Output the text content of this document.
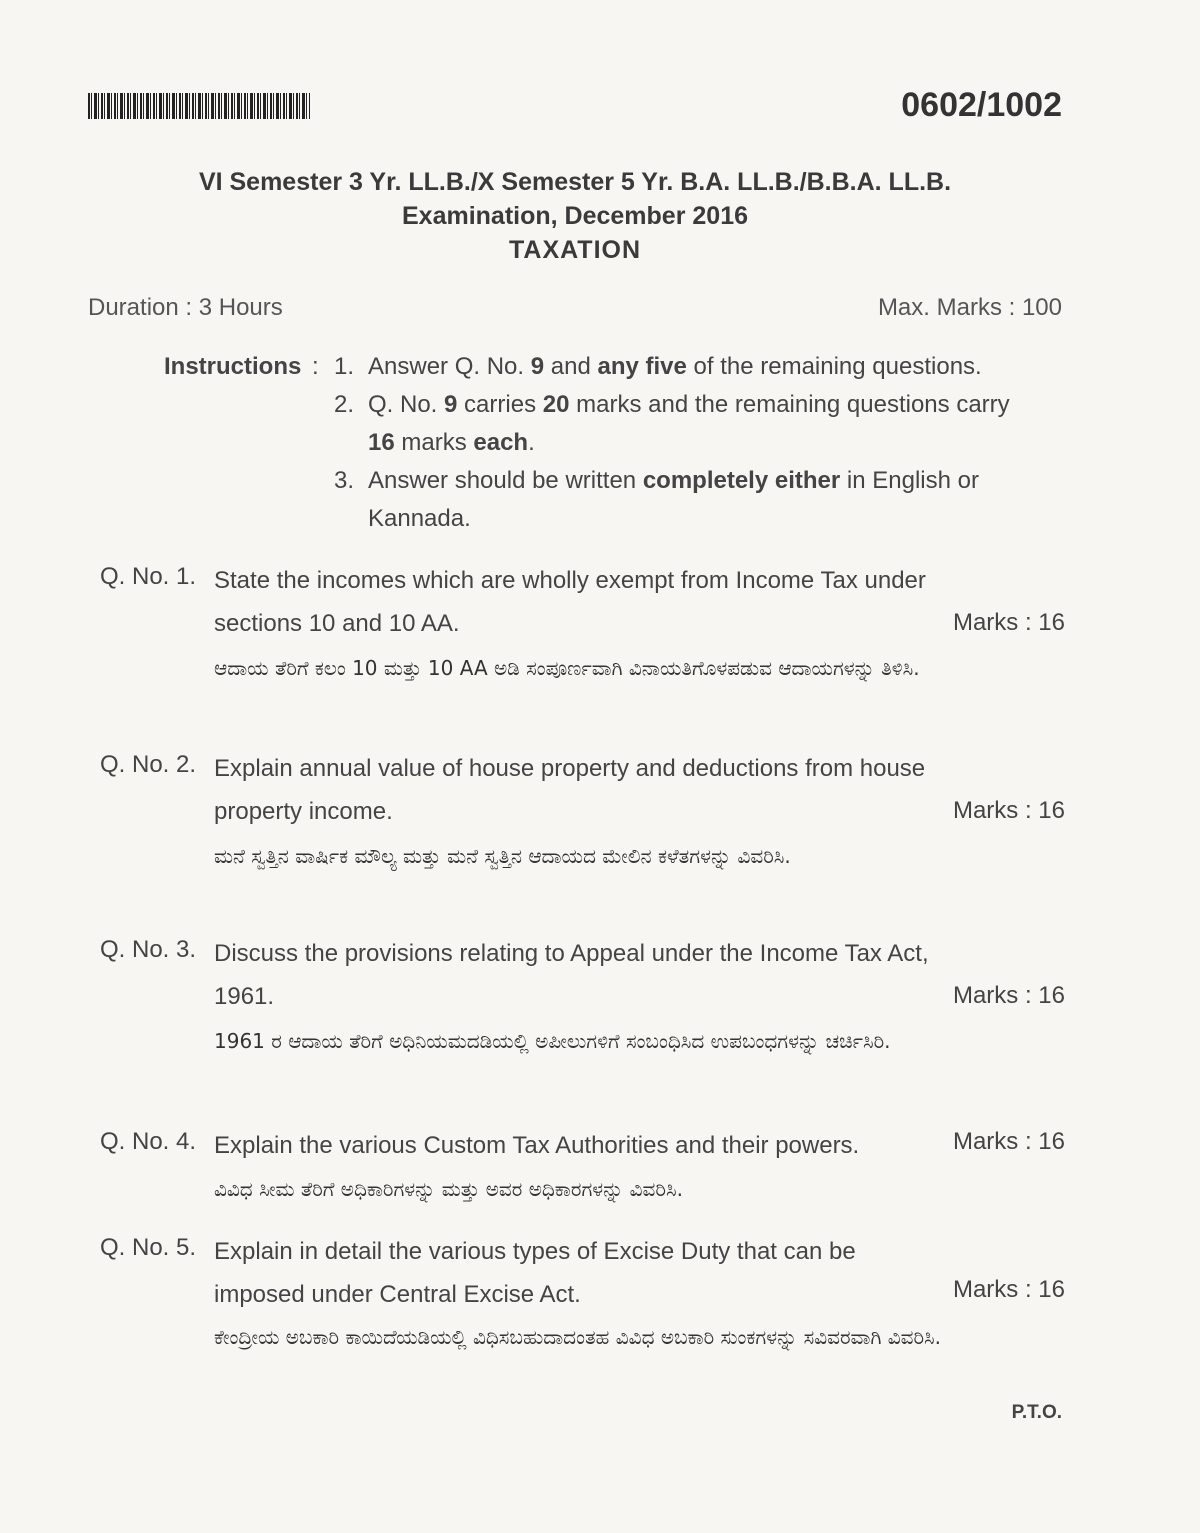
0602/1002
VI Semester 3 Yr. LL.B./X Semester 5 Yr. B.A. LL.B./B.B.A. LL.B.
Examination, December 2016
TAXATION
Duration : 3 Hours	Max. Marks : 100
Instructions : 1. Answer Q. No. 9 and any five of the remaining questions.
2. Q. No. 9 carries 20 marks and the remaining questions carry 16 marks each.
3. Answer should be written completely either in English or Kannada.
Q. No. 1. State the incomes which are wholly exempt from Income Tax under sections 10 and 10 AA.	Marks : 16
ಆದಾಯ ತೆರಿಗೆ ಕಲಂ 10 ಮತ್ತು 10 AA ಅಡಿ ಸಂಪೂರ್ಣವಾಗಿ ವಿನಾಯತಿಗೊಳಪಡುವ ಆದಾಯಗಳನ್ನು ತಿಳಿಸಿ.
Q. No. 2. Explain annual value of house property and deductions from house property income.	Marks : 16
ಮನೆ ಸ್ವತ್ತಿನ ವಾರ್ಷಿಕ ಮೌಲ್ಯ ಮತ್ತು ಮನೆ ಸ್ವತ್ತಿನ ಆದಾಯದ ಮೇಲಿನ ಕಳೆತಗಳನ್ನು ವಿವರಿಸಿ.
Q. No. 3. Discuss the provisions relating to Appeal under the Income Tax Act, 1961.	Marks : 16
1961 ರ ಆದಾಯ ತೆರಿಗೆ ಅಧಿನಿಯಮದಡಿಯಲ್ಲಿ ಅಪೀಲುಗಳಿಗೆ ಸಂಬಂಧಿಸಿದ ಉಪಬಂಧಗಳನ್ನು ಚರ್ಚಿಸಿರಿ.
Q. No. 4. Explain the various Custom Tax Authorities and their powers.	Marks : 16
ವಿವಿಧ ಸೀಮ ತೆರಿಗೆ ಅಧಿಕಾರಿಗಳನ್ನು ಮತ್ತು ಅವರ ಅಧಿಕಾರಗಳನ್ನು ವಿವರಿಸಿ.
Q. No. 5. Explain in detail the various types of Excise Duty that can be imposed under Central Excise Act.	Marks : 16
ಕೇಂದ್ರೀಯ ಅಬಕಾರಿ ಕಾಯಿದೆಯಡಿಯಲ್ಲಿ ವಿಧಿಸಬಹುದಾದಂತಹ ವಿವಿಧ ಅಬಕಾರಿ ಸುಂಕಗಳನ್ನು ಸವಿವರವಾಗಿ ವಿವರಿಸಿ.
P.T.O.
